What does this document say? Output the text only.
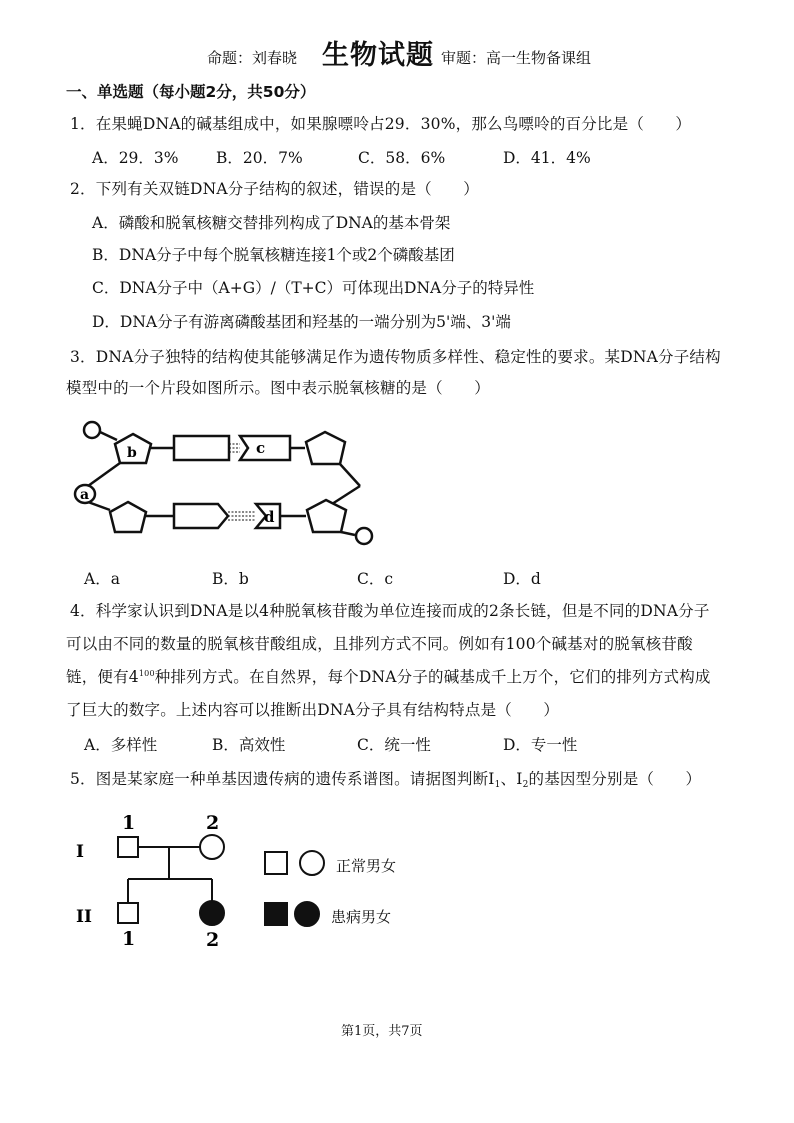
命题：刘春晓 生物试题 审题：高一生物备课组
一、单选题（每小题2分，共50分）
1．在果蝇DNA的碱基组成中，如果腺嘌呤占29．30%，那么鸟嘌呤的百分比是（　　）
A．29．3% B．20．7%	C．58．6%	D．41．4%
2．下列有关双链DNA分子结构的叙述，错误的是（　　）
A．磷酸和脱氧核糖交替排列构成了DNA的基本骨架
B．DNA分子中每个脱氧核糖连接1个或2个磷酸基团
C．DNA分子中（A+G）/（T+C）可体现出DNA分子的特异性
D．DNA分子有游离磷酸基团和羟基的一端分别为5'端、3'端
3．DNA分子独特的结构使其能够满足作为遗传物质多样性、稳定性的要求。某DNA分子结构
模型中的一个片段如图所示。图中表示脱氧核糖的是（　　）
b
a
c
d
A．a	B．b	C．c	D．d
4．科学家认识到DNA是以4种脱氧核苷酸为单位连接而成的2条长链，但是不同的DNA分子
可以由不同的数量的脱氧核苷酸组成，且排列方式不同。例如有100个碱基对的脱氧核苷酸
链，便有$4^{100}$种排列方式。在自然界，每个DNA分子的碱基成千上万个，它们的排列方式构成
了巨大的数字。上述内容可以推断出DNA分子具有结构特点是（　　）
A．多样性	B．高效性	C．统一性	D．专一性
5．图是某家庭一种单基因遗传病的遗传系谱图。请据图判断$Ⅰ_1$、$Ⅰ_2$的基因型分别是（　　）
I
II
1	2
1	2
正常男女
患病男女
第1页，共7页
